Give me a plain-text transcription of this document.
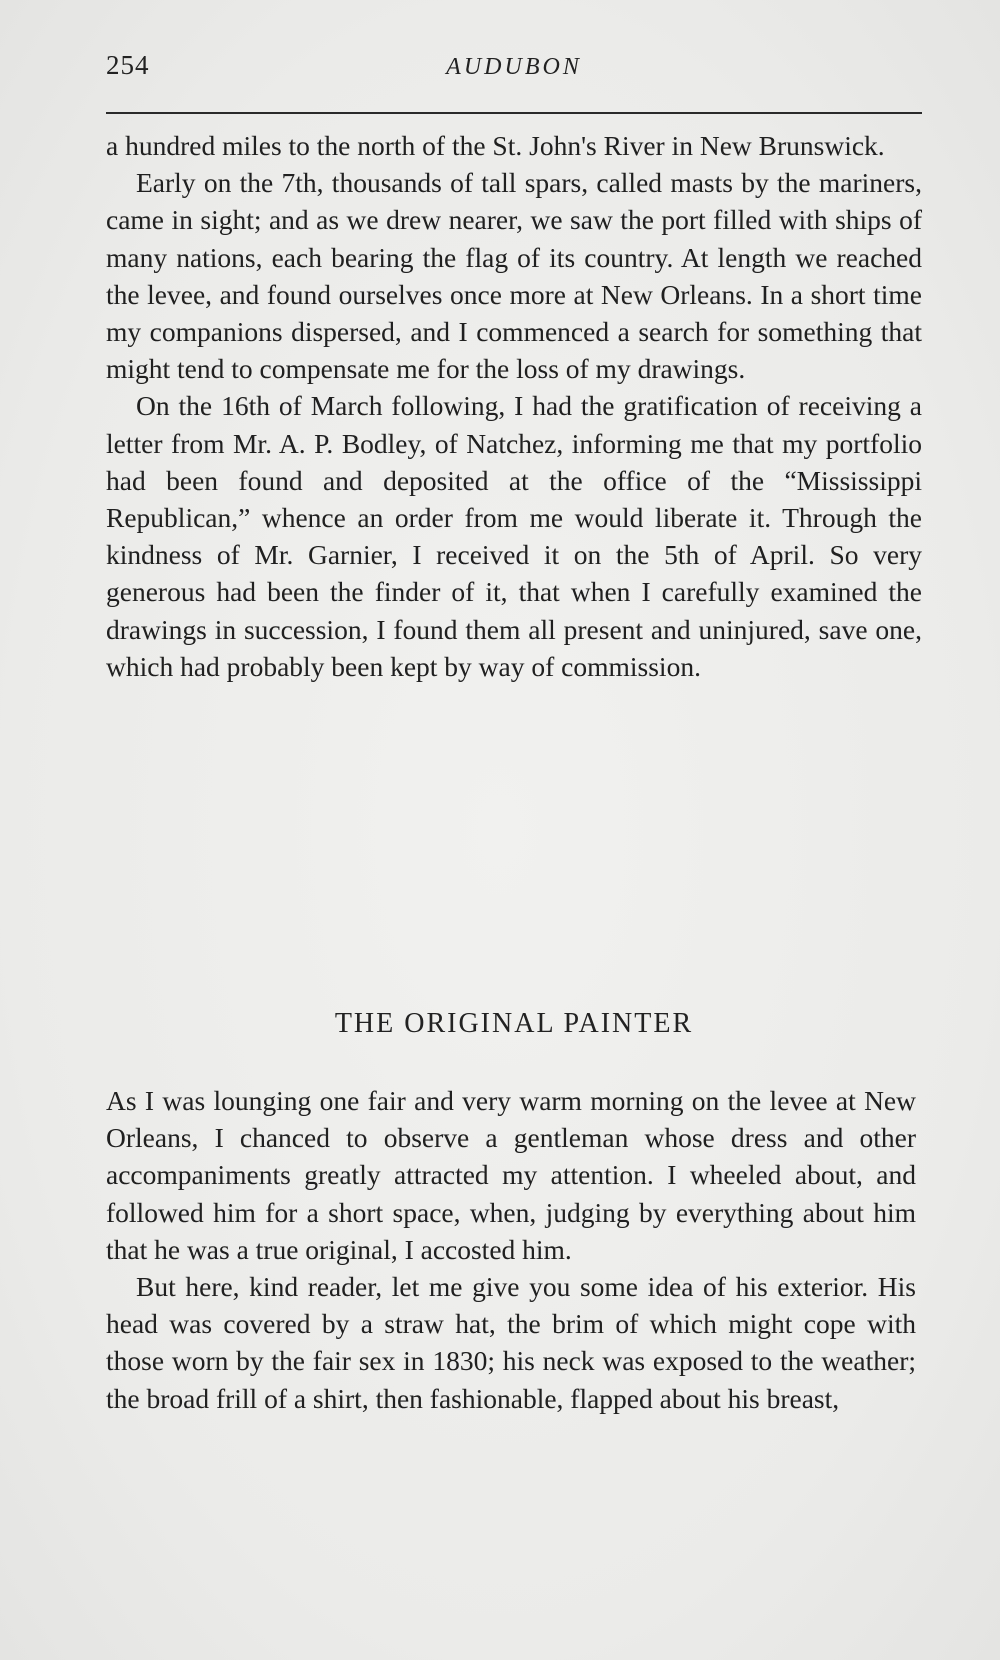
254	AUDUBON

a hundred miles to the north of the St. John's River in New Brunswick.

Early on the 7th, thousands of tall spars, called masts by the mariners, came in sight; and as we drew nearer, we saw the port filled with ships of many nations, each bearing the flag of its country. At length we reached the levee, and found ourselves once more at New Orleans. In a short time my companions dispersed, and I commenced a search for something that might tend to compensate me for the loss of my drawings.

On the 16th of March following, I had the gratification of receiving a letter from Mr. A. P. Bodley, of Natchez, informing me that my portfolio had been found and deposited at the office of the “Mississippi Republican,” whence an order from me would liberate it. Through the kindness of Mr. Garnier, I received it on the 5th of April. So very generous had been the finder of it, that when I carefully examined the drawings in succession, I found them all present and uninjured, save one, which had probably been kept by way of commission.

THE ORIGINAL PAINTER

As I was lounging one fair and very warm morning on the levee at New Orleans, I chanced to observe a gentleman whose dress and other accompaniments greatly attracted my attention. I wheeled about, and followed him for a short space, when, judging by everything about him that he was a true original, I accosted him.

But here, kind reader, let me give you some idea of his exterior. His head was covered by a straw hat, the brim of which might cope with those worn by the fair sex in 1830; his neck was exposed to the weather; the broad frill of a shirt, then fashionable, flapped about his breast,
